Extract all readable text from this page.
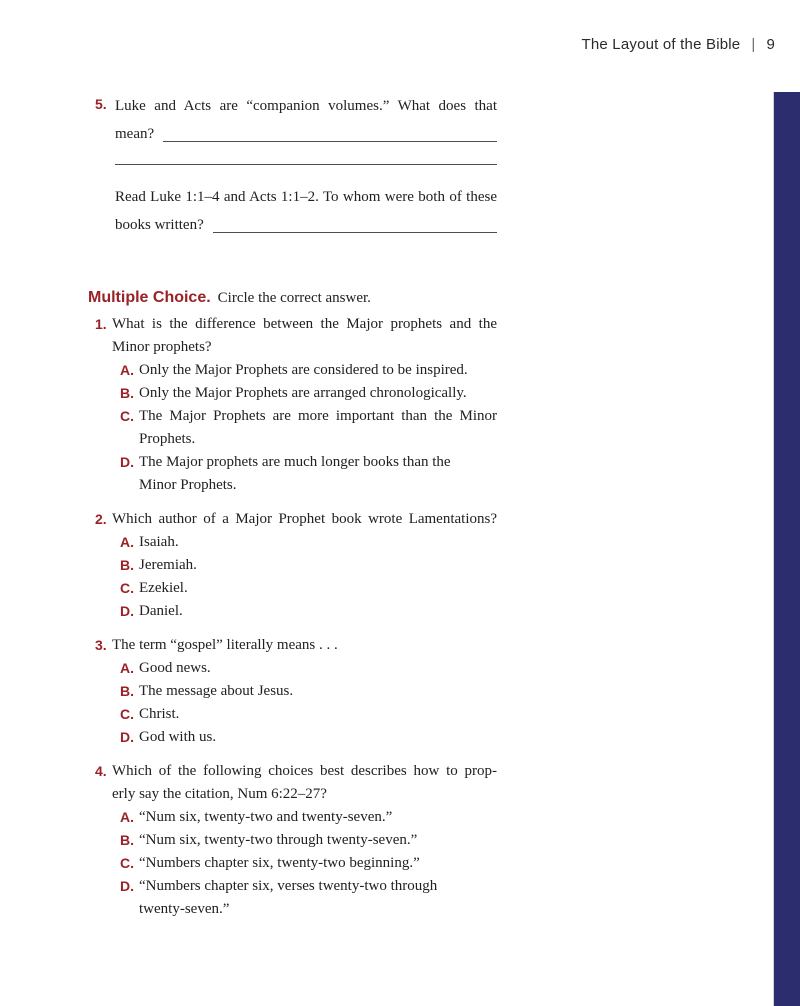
The Layout of the Bible | 9
5. Luke and Acts are “companion volumes.” What does that
mean?
Read Luke 1:1–4 and Acts 1:1–2. To whom were both of these
books written?
Multiple Choice. Circle the correct answer.
1. What is the difference between the Major prophets and the
Minor prophets?
A. Only the Major Prophets are considered to be inspired.
B. Only the Major Prophets are arranged chronologically.
C. The Major Prophets are more important than the Minor
Prophets.
D. The Major prophets are much longer books than the
Minor Prophets.
2. Which author of a Major Prophet book wrote Lamentations?
A. Isaiah.
B. Jeremiah.
C. Ezekiel.
D. Daniel.
3. The term “gospel” literally means . . .
A. Good news.
B. The message about Jesus.
C. Christ.
D. God with us.
4. Which of the following choices best describes how to prop-
erly say the citation, Num 6:22–27?
A. “Num six, twenty-two and twenty-seven.”
B. “Num six, twenty-two through twenty-seven.”
C. “Numbers chapter six, twenty-two beginning.”
D. “Numbers chapter six, verses twenty-two through
twenty-seven.”
